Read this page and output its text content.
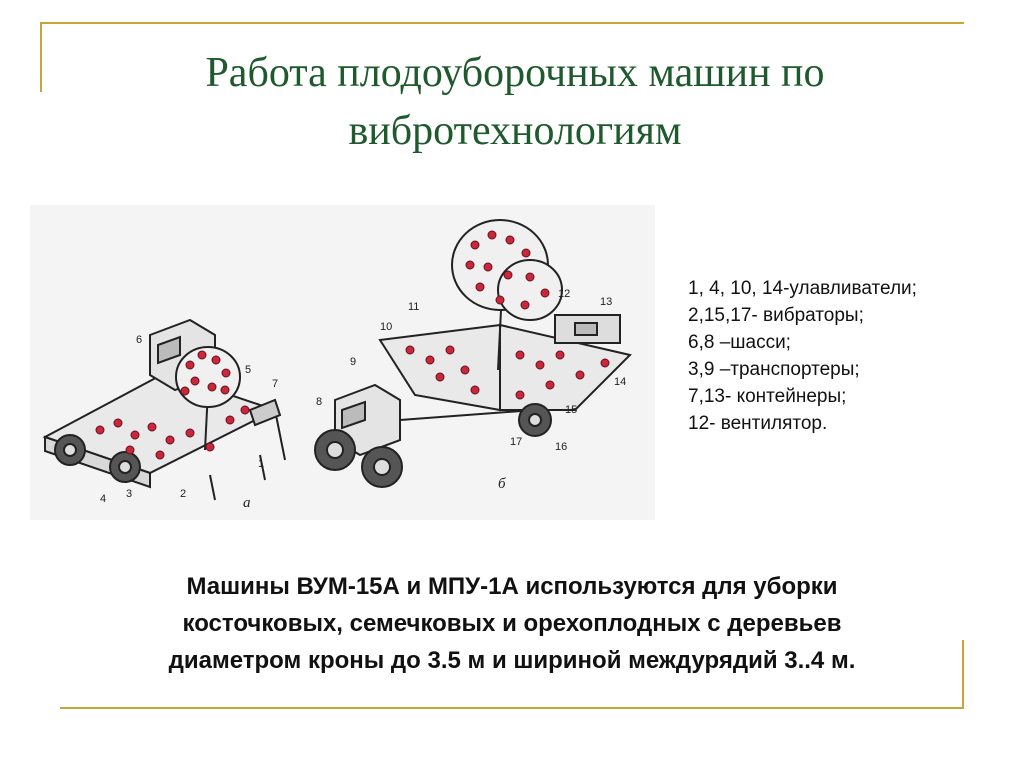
Работа плодоуборочных машин по
вибротехнологиям
1
2
3
4
5
6
7
8
9
10
11
12
13
14
15
16
17
а
б
1, 4, 10, 14-улавливатели;
2,15,17- вибраторы;
6,8 –шасси;
3,9 –транспортеры;
7,13- контейнеры;
12- вентилятор.
Машины ВУМ-15А и МПУ-1А используются для уборки
косточковых, семечковых и орехоплодных с деревьев
диаметром кроны до 3.5 м и шириной междурядий 3..4 м.
